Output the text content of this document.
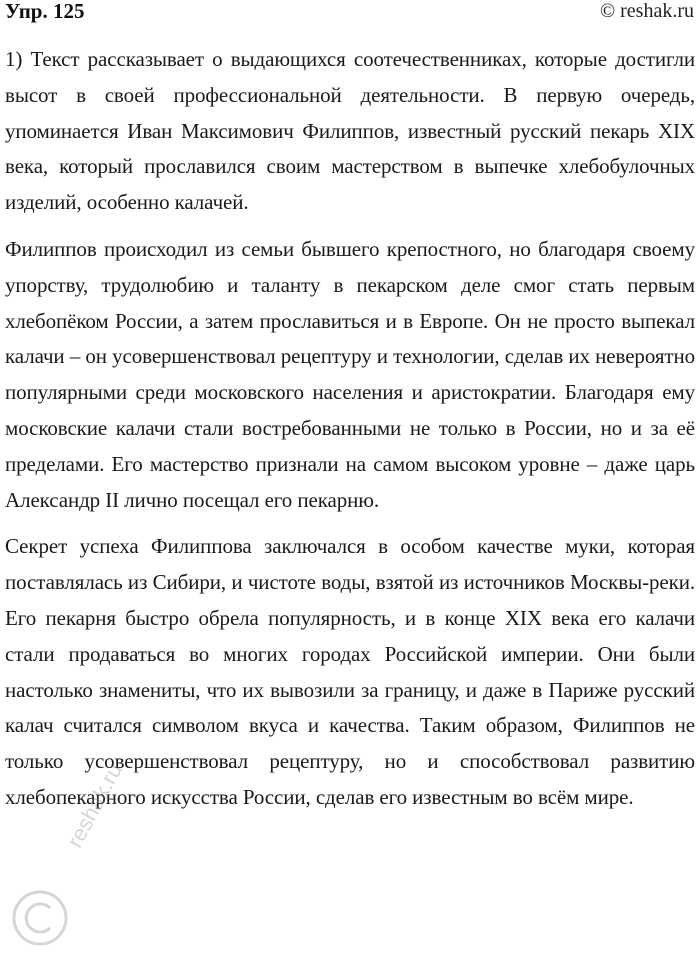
Упр. 125	© reshak.ru

1) Текст рассказывает о выдающихся соотечественниках, которые достигли высот в своей профессиональной деятельности. В первую очередь, упоминается Иван Максимович Филиппов, известный русский пекарь XIX века, который прославился своим мастерством в выпечке хлебобулочных изделий, особенно калачей.

Филиппов происходил из семьи бывшего крепостного, но благодаря своему упорству, трудолюбию и таланту в пекарском деле смог стать первым хлебопёком России, а затем прославиться и в Европе. Он не просто выпекал калачи – он усовершенствовал рецептуру и технологии, сделав их невероятно популярными среди московского населения и аристократии. Благодаря ему московские калачи стали востребованными не только в России, но и за её пределами. Его мастерство признали на самом высоком уровне – даже царь Александр II лично посещал его пекарню.

Секрет успеха Филиппова заключался в особом качестве муки, которая поставлялась из Сибири, и чистоте воды, взятой из источников Москвы-реки. Его пекарня быстро обрела популярность, и в конце XIX века его калачи стали продаваться во многих городах Российской империи. Они были настолько знамениты, что их вывозили за границу, и даже в Париже русский калач считался символом вкуса и качества. Таким образом, Филиппов не только усовершенствовал рецептуру, но и способствовал развитию хлебопекарного искусства России, сделав его известным во всём мире.

reshak.ru
